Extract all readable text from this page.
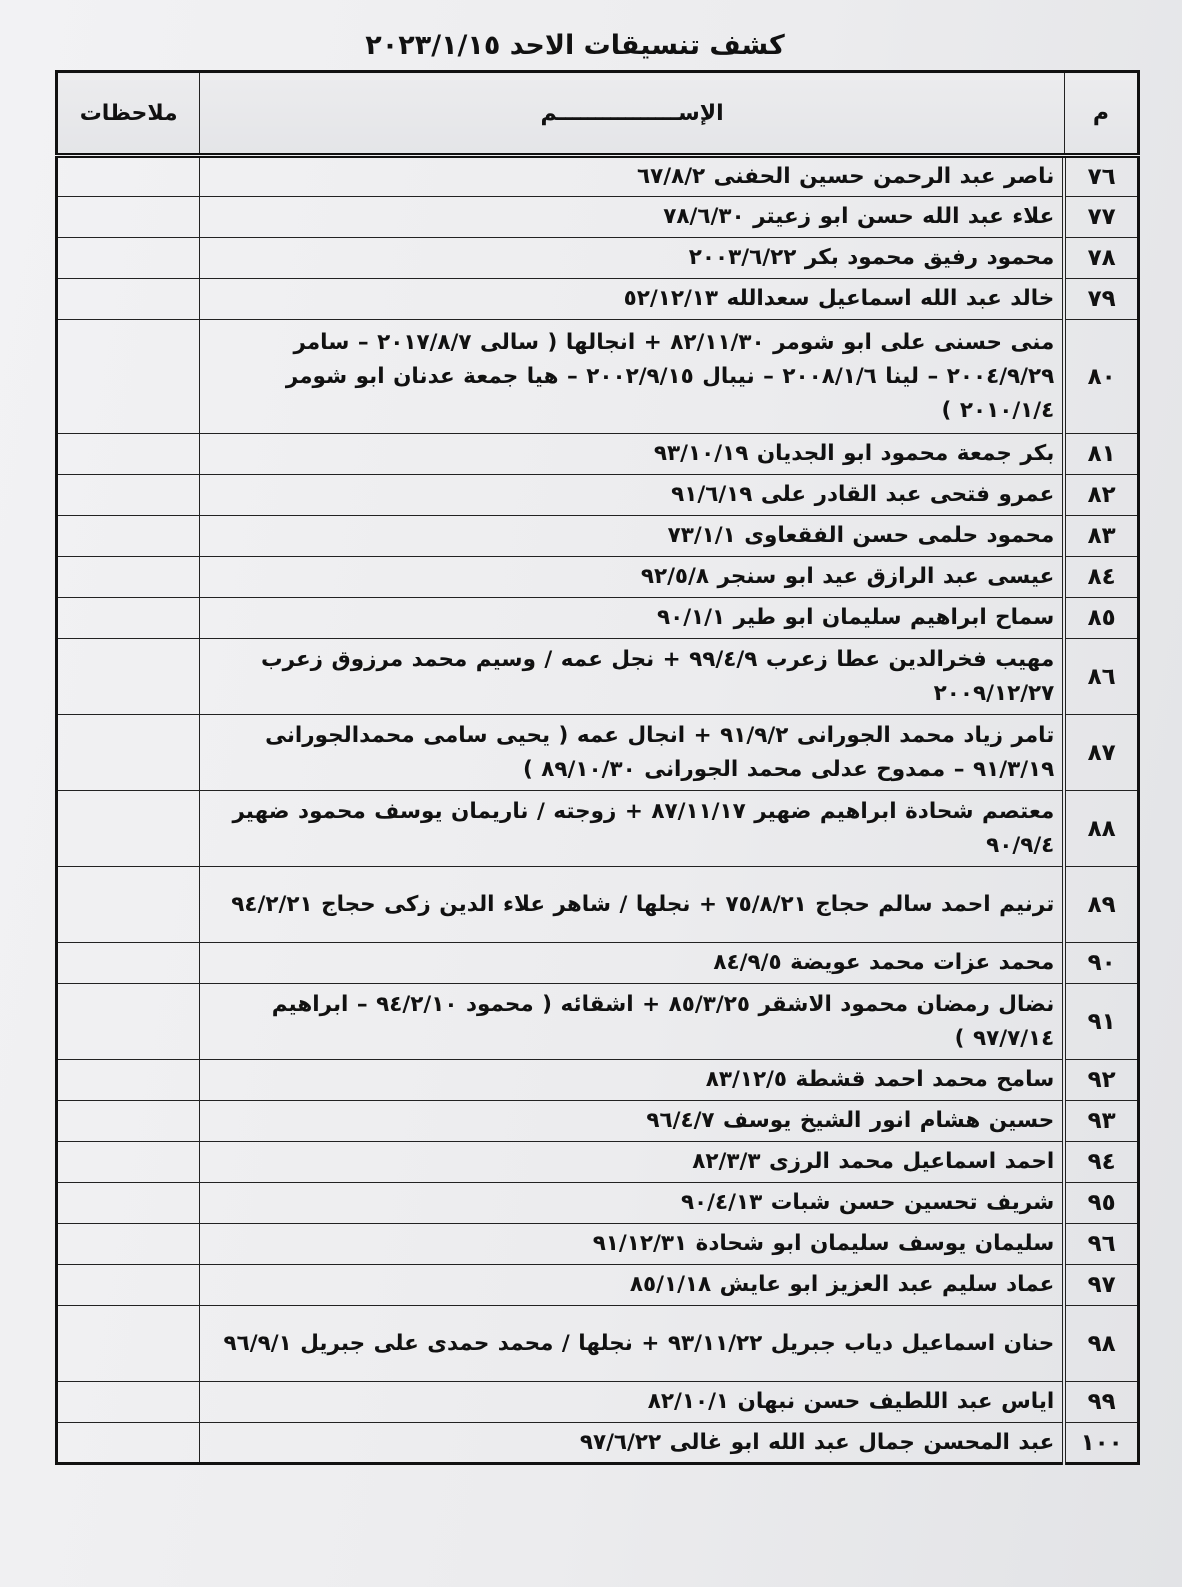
كشف تنسيقات الاحد ٢٠٢٣/١/١٥
م	الإســــــــــــــــم	ملاحظات
٧٦	ناصر عبد الرحمن حسين الحفنى ٦٧/٨/٢	
٧٧	علاء عبد الله حسن ابو زعيتر ٧٨/٦/٣٠	
٧٨	محمود رفيق محمود بكر ٢٠٠٣/٦/٢٢	
٧٩	خالد عبد الله اسماعيل سعدالله ٥٢/١٢/١٣	
٨٠	منى حسنى على ابو شومر ٨٢/١١/٣٠ + انجالها ( سالى ٢٠١٧/٨/٧ – سامر ٢٠٠٤/٩/٢٩ – لينا ٢٠٠٨/١/٦ – نيبال ٢٠٠٢/٩/١٥ – هيا جمعة عدنان ابو شومر ٢٠١٠/١/٤ )	
٨١	بكر جمعة محمود ابو الجديان ٩٣/١٠/١٩	
٨٢	عمرو فتحى عبد القادر على ٩١/٦/١٩	
٨٣	محمود حلمى حسن الفقعاوى ٧٣/١/١	
٨٤	عيسى عبد الرازق عيد ابو سنجر ٩٢/٥/٨	
٨٥	سماح ابراهيم سليمان ابو طير ٩٠/١/١	
٨٦	مهيب فخرالدين عطا زعرب ٩٩/٤/٩ + نجل عمه / وسيم محمد مرزوق زعرب ٢٠٠٩/١٢/٢٧	
٨٧	تامر زياد محمد الجورانى ٩١/٩/٢ + انجال عمه ( يحيى سامى محمدالجورانى ٩١/٣/١٩ – ممدوح عدلى محمد الجورانى ٨٩/١٠/٣٠ )	
٨٨	معتصم شحادة ابراهيم ضهير ٨٧/١١/١٧ + زوجته / ناريمان يوسف محمود ضهير ٩٠/٩/٤	
٨٩	ترنيم احمد سالم حجاج ٧٥/٨/٢١ + نجلها / شاهر علاء الدين زكى حجاج ٩٤/٢/٢١	
٩٠	محمد عزات محمد عويضة ٨٤/٩/٥	
٩١	نضال رمضان محمود الاشقر ٨٥/٣/٢٥ + اشقائه ( محمود ٩٤/٢/١٠ – ابراهيم ٩٧/٧/١٤ )	
٩٢	سامح محمد احمد قشطة ٨٣/١٢/٥	
٩٣	حسين هشام انور الشيخ يوسف ٩٦/٤/٧	
٩٤	احمد اسماعيل محمد الرزى ٨٢/٣/٣	
٩٥	شريف تحسين حسن شبات ٩٠/٤/١٣	
٩٦	سليمان يوسف سليمان ابو شحادة ٩١/١٢/٣١	
٩٧	عماد سليم عبد العزيز ابو عايش ٨٥/١/١٨	
٩٨	حنان اسماعيل دياب جبريل ٩٣/١١/٢٢ + نجلها / محمد حمدى على جبريل ٩٦/٩/١	
٩٩	اياس عبد اللطيف حسن نبهان ٨٢/١٠/١	
١٠٠	عبد المحسن جمال عبد الله ابو غالى ٩٧/٦/٢٢	
